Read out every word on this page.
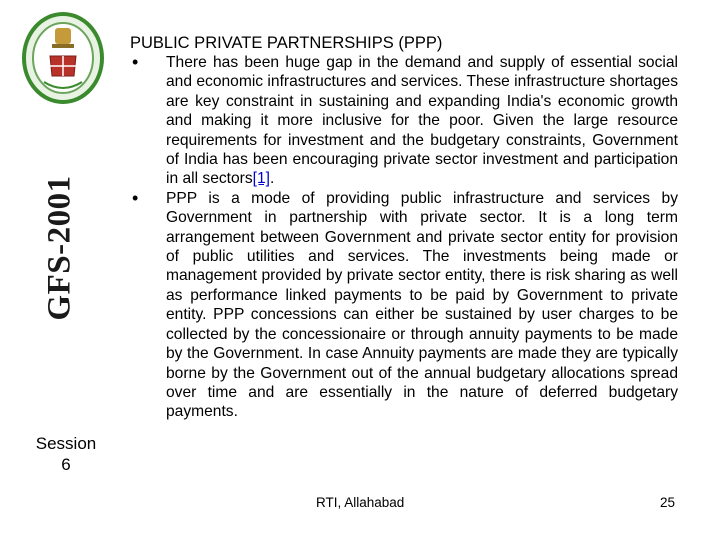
GFS-2001
Session
6
PUBLIC PRIVATE PARTNERSHIPS (PPP)
• There has been huge gap in the demand and supply of essential social and economic infrastructures and services. These infrastructure shortages are key constraint in sustaining and expanding India's economic growth and making it more inclusive for the poor. Given the large resource requirements for investment and the budgetary constraints, Government of India has been encouraging private sector investment and participation in all sectors[1].
• PPP is a mode of providing public infrastructure and services by Government in partnership with private sector. It is a long term arrangement between Government and private sector entity for provision of public utilities and services. The investments being made or management provided by private sector entity, there is risk sharing as well as performance linked payments to be paid by Government to private entity. PPP concessions can either be sustained by user charges to be collected by the concessionaire or through annuity payments to be made by the Government. In case Annuity payments are made they are typically borne by the Government out of the annual budgetary allocations spread over time and are essentially in the nature of deferred budgetary payments.
RTI, Allahabad	25
